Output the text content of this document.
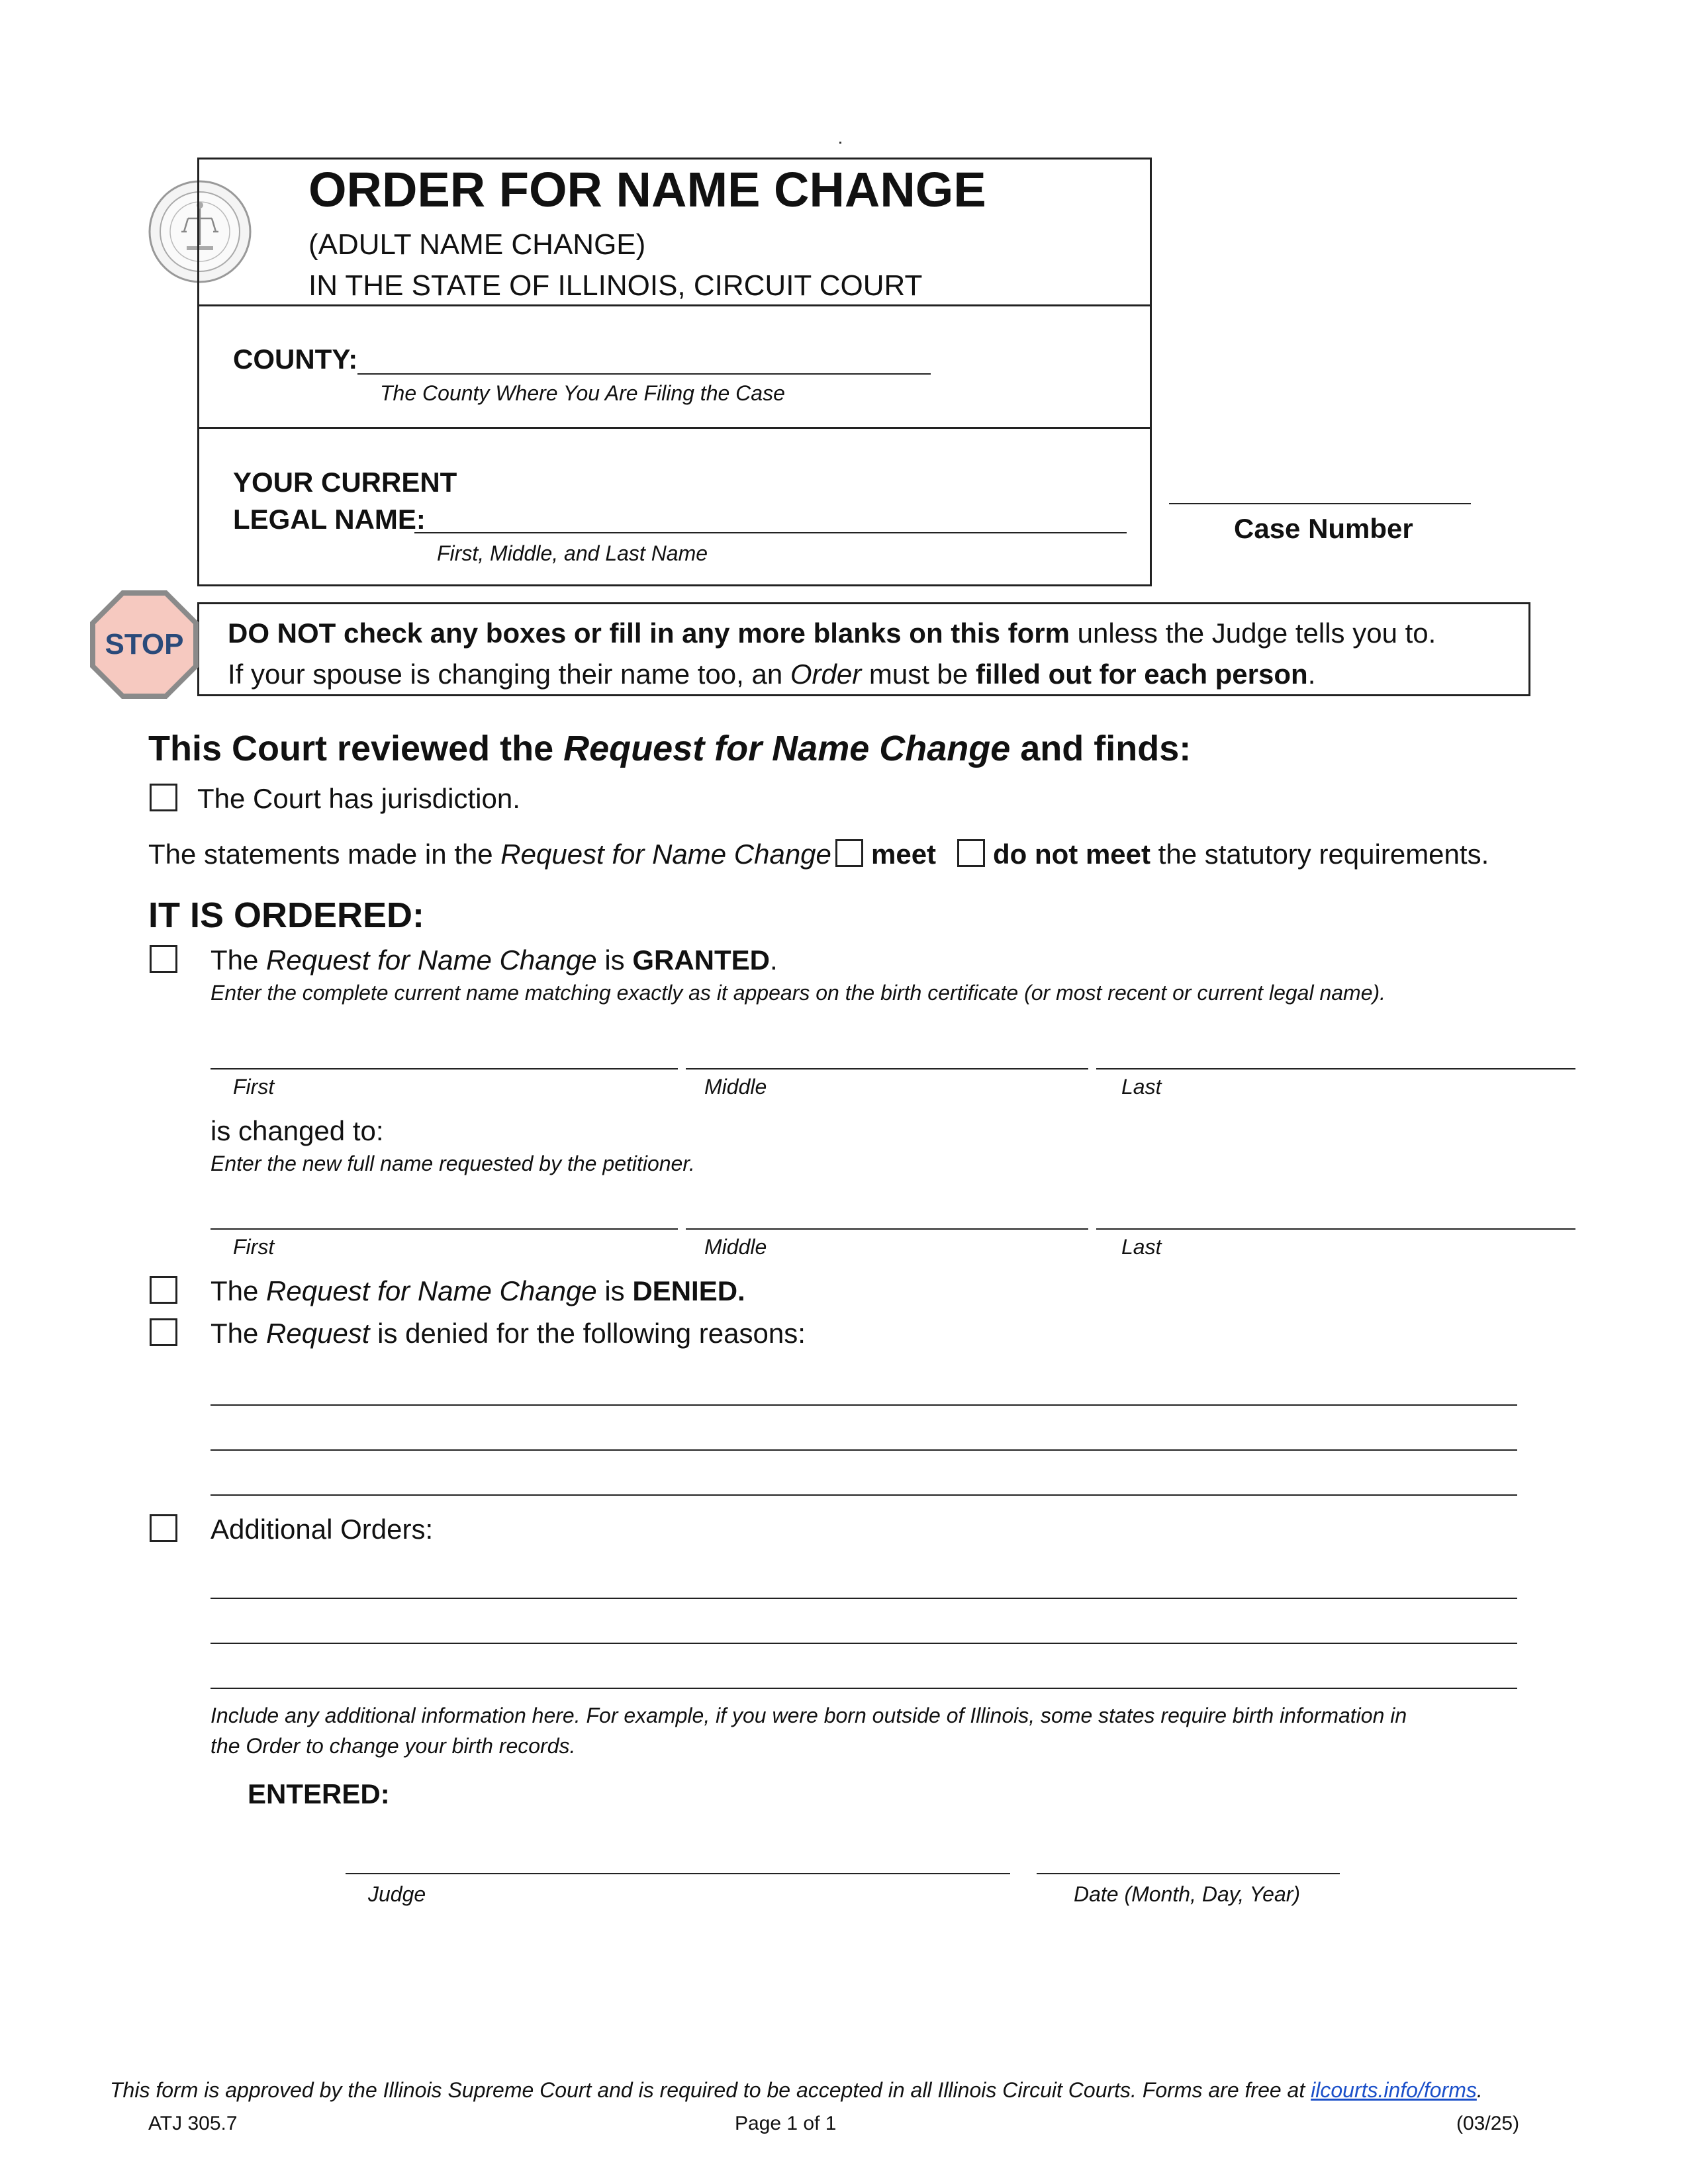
ORDER FOR NAME CHANGE
(ADULT NAME CHANGE)
IN THE STATE OF ILLINOIS, CIRCUIT COURT
COUNTY:
The County Where You Are Filing the Case
YOUR CURRENT
LEGAL NAME:
First, Middle, and Last Name
Case Number
STOP	DO NOT check any boxes or fill in any more blanks on this form unless the Judge tells you to.
If your spouse is changing their name too, an Order must be filled out for each person.
This Court reviewed the Request for Name Change and finds:
The Court has jurisdiction.
The statements made in the Request for Name Change meet do not meet the statutory requirements.
IT IS ORDERED:
The Request for Name Change is GRANTED.
Enter the complete current name matching exactly as it appears on the birth certificate (or most recent or current legal name).
First	Middle	Last
is changed to:
Enter the new full name requested by the petitioner.
First	Middle	Last
The Request for Name Change is DENIED.
The Request is denied for the following reasons:
Additional Orders:
Include any additional information here. For example, if you were born outside of Illinois, some states require birth information in
the Order to change your birth records.
ENTERED:
Judge	Date (Month, Day, Year)
This form is approved by the Illinois Supreme Court and is required to be accepted in all Illinois Circuit Courts. Forms are free at ilcourts.info/forms.
ATJ 305.7	Page 1 of 1	(03/25)
